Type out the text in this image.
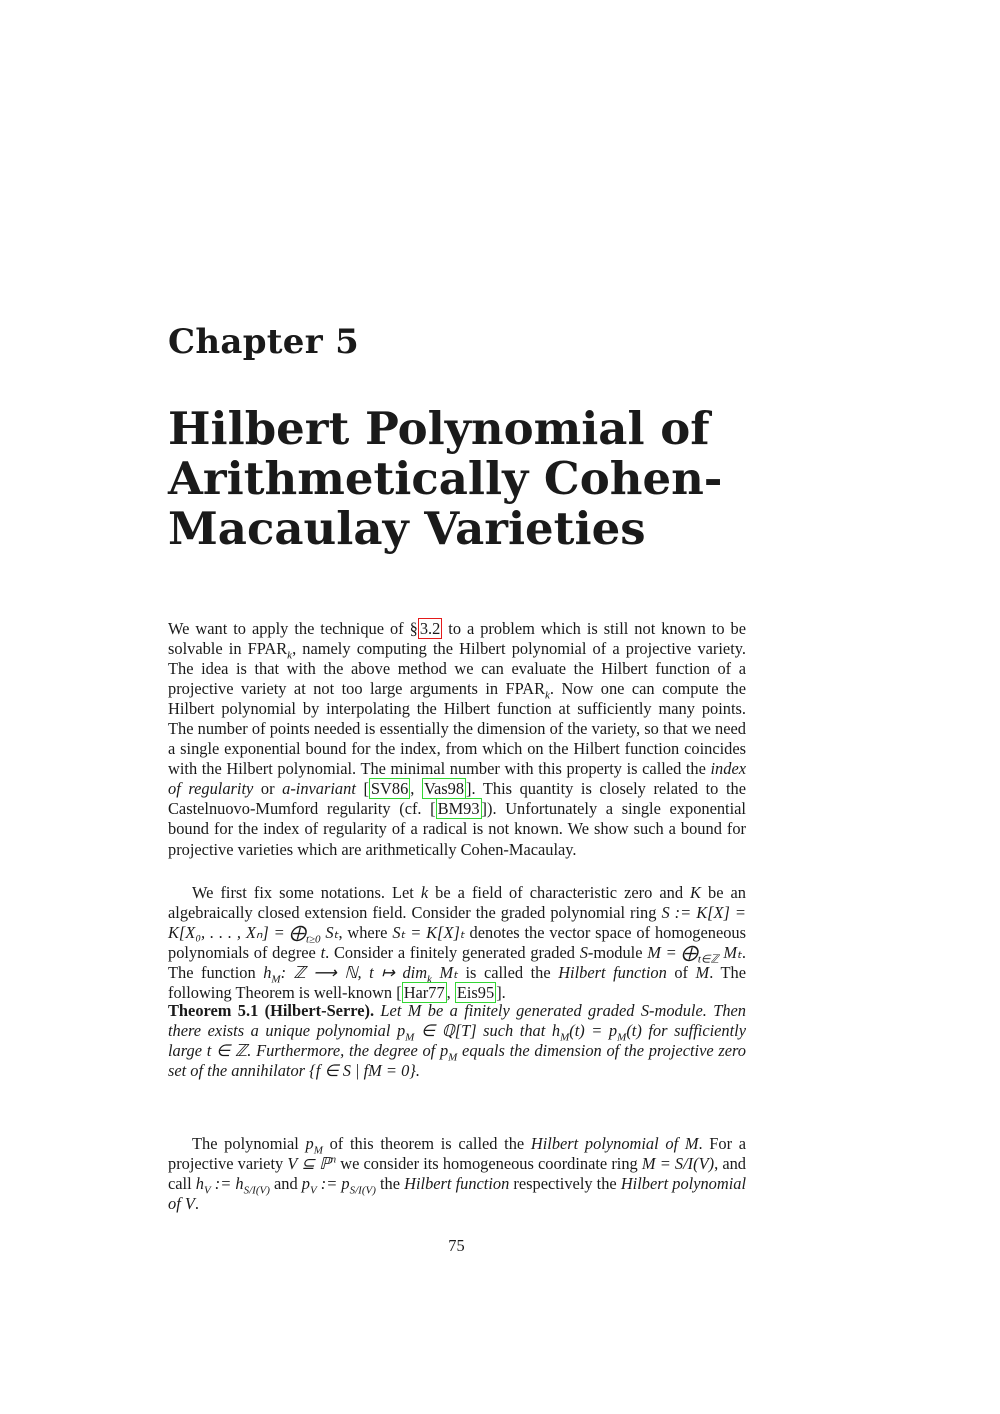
Chapter 5
Hilbert Polynomial of
Arithmetically Cohen-
Macaulay Varieties
We want to apply the technique of § 3.2 to a problem which is still not known to be solvable in $FPAR_k$, namely computing the Hilbert polynomial of a projective variety. The idea is that with the above method we can evaluate the Hilbert function of a projective variety at not too large arguments in $FPAR_k$. Now one can compute the Hilbert polynomial by interpolating the Hilbert function at sufficiently many points. The number of points needed is essentially the dimension of the variety, so that we need a single exponential bound for the index, from which on the Hilbert function coincides with the Hilbert polynomial. The minimal number with this property is called the index of regularity or a-invariant [ SV86 , Vas98 ]. This quantity is closely related to the Castelnuovo-Mumford regularity (cf. [ BM93 ]). Unfortunately a single exponential bound for the index of regularity of a radical is not known. We show such a bound for projective varieties which are arithmetically Cohen-Macaulay.
We first fix some notations. Let k be a field of characteristic zero and K be an algebraically closed extension field. Consider the graded polynomial ring S := K[X] = K[X₀, . . . , $X_n] = ⨁_{t\ge 0}$ Sₜ, where Sₜ = K[X]ₜ denotes the vector space of homogeneous polynomials of degree t. Consider a finitely generated graded S-module $M = ⨁_{t\in ℤ}$ Mₜ. The function $h_M$: ℤ ⟶ ℕ, t ↦ dim$_k$ Mₜ is called the Hilbert function of M. The following Theorem is well-known [ Har77 , Eis95 ].
Theorem 5.1 (Hilbert-Serre). Let M be a finitely generated graded S-module. Then there exists a unique polynomial $p_M$ ∈ ℚ[T] such that $h_M(t) = p_M(t)$ for sufficiently large t ∈ ℤ. Furthermore, the degree of $p_M$ equals the dimension of the projective zero set of the annihilator {f ∈ S | fM = 0}.
The polynomial $p_M$ of this theorem is called the Hilbert polynomial of M. For a projective variety V ⊆ ℙ$^n$ we consider its homogeneous coordinate ring M = S/I(V), and call $h_V$ := $h_{S/I(V)}$ and $p_V$ := $p_{S/I(V)}$ the Hilbert function respectively the Hilbert polynomial of V.
75
